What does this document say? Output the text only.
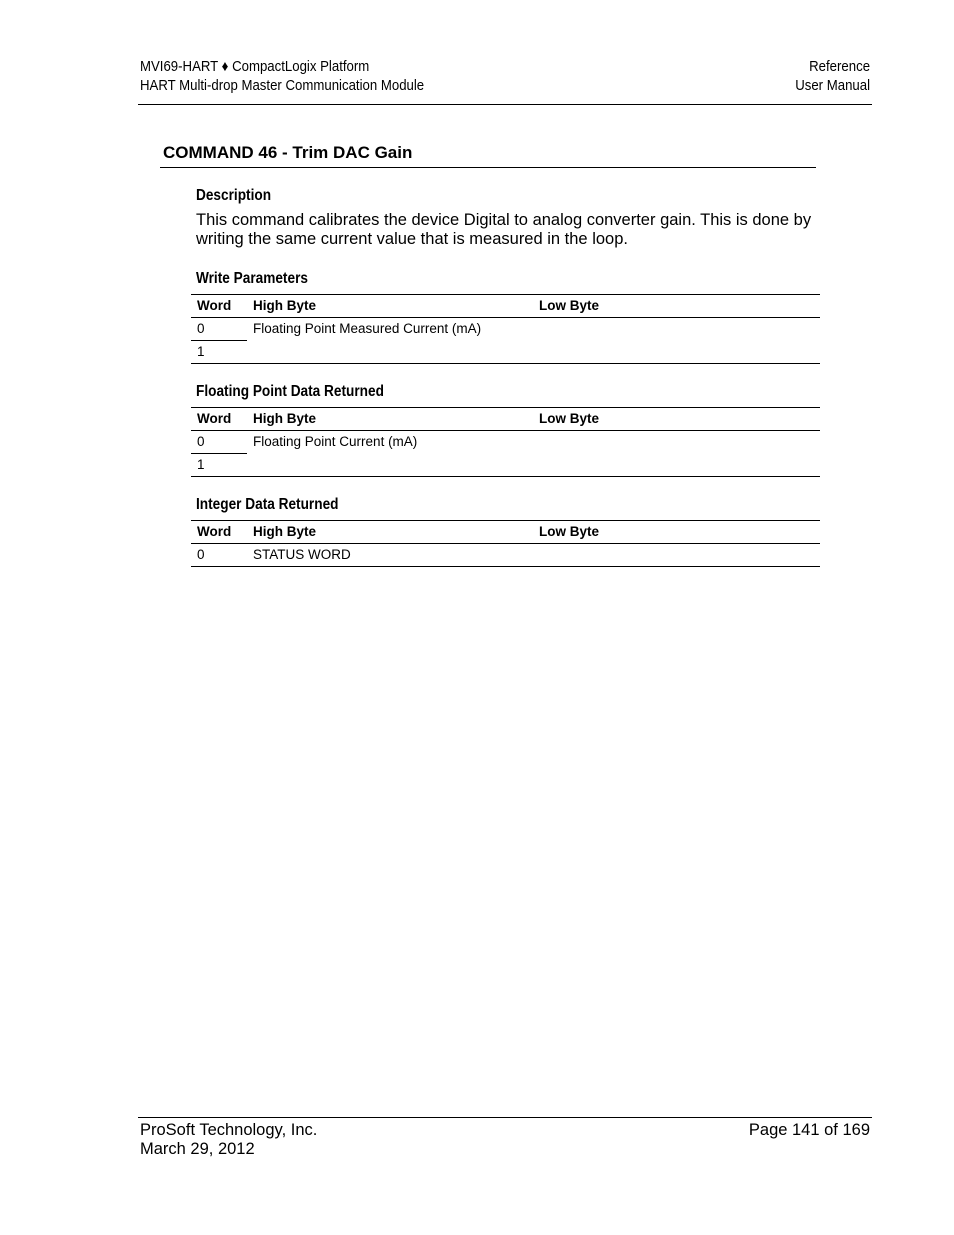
MVI69-HART ♦ CompactLogix Platform
HART Multi-drop Master Communication Module
Reference
User Manual
COMMAND 46 - Trim DAC Gain
Description
This command calibrates the device Digital to analog converter gain. This is done by writing the same current value that is measured in the loop.
Write Parameters
Word	High Byte	Low Byte
0	Floating Point Measured Current (mA)	
1		
Floating Point Data Returned
Word	High Byte	Low Byte
0	Floating Point Current (mA)	
1		
Integer Data Returned
Word	High Byte	Low Byte
0	STATUS WORD	
ProSoft Technology, Inc.
March 29, 2012
Page 141 of 169
